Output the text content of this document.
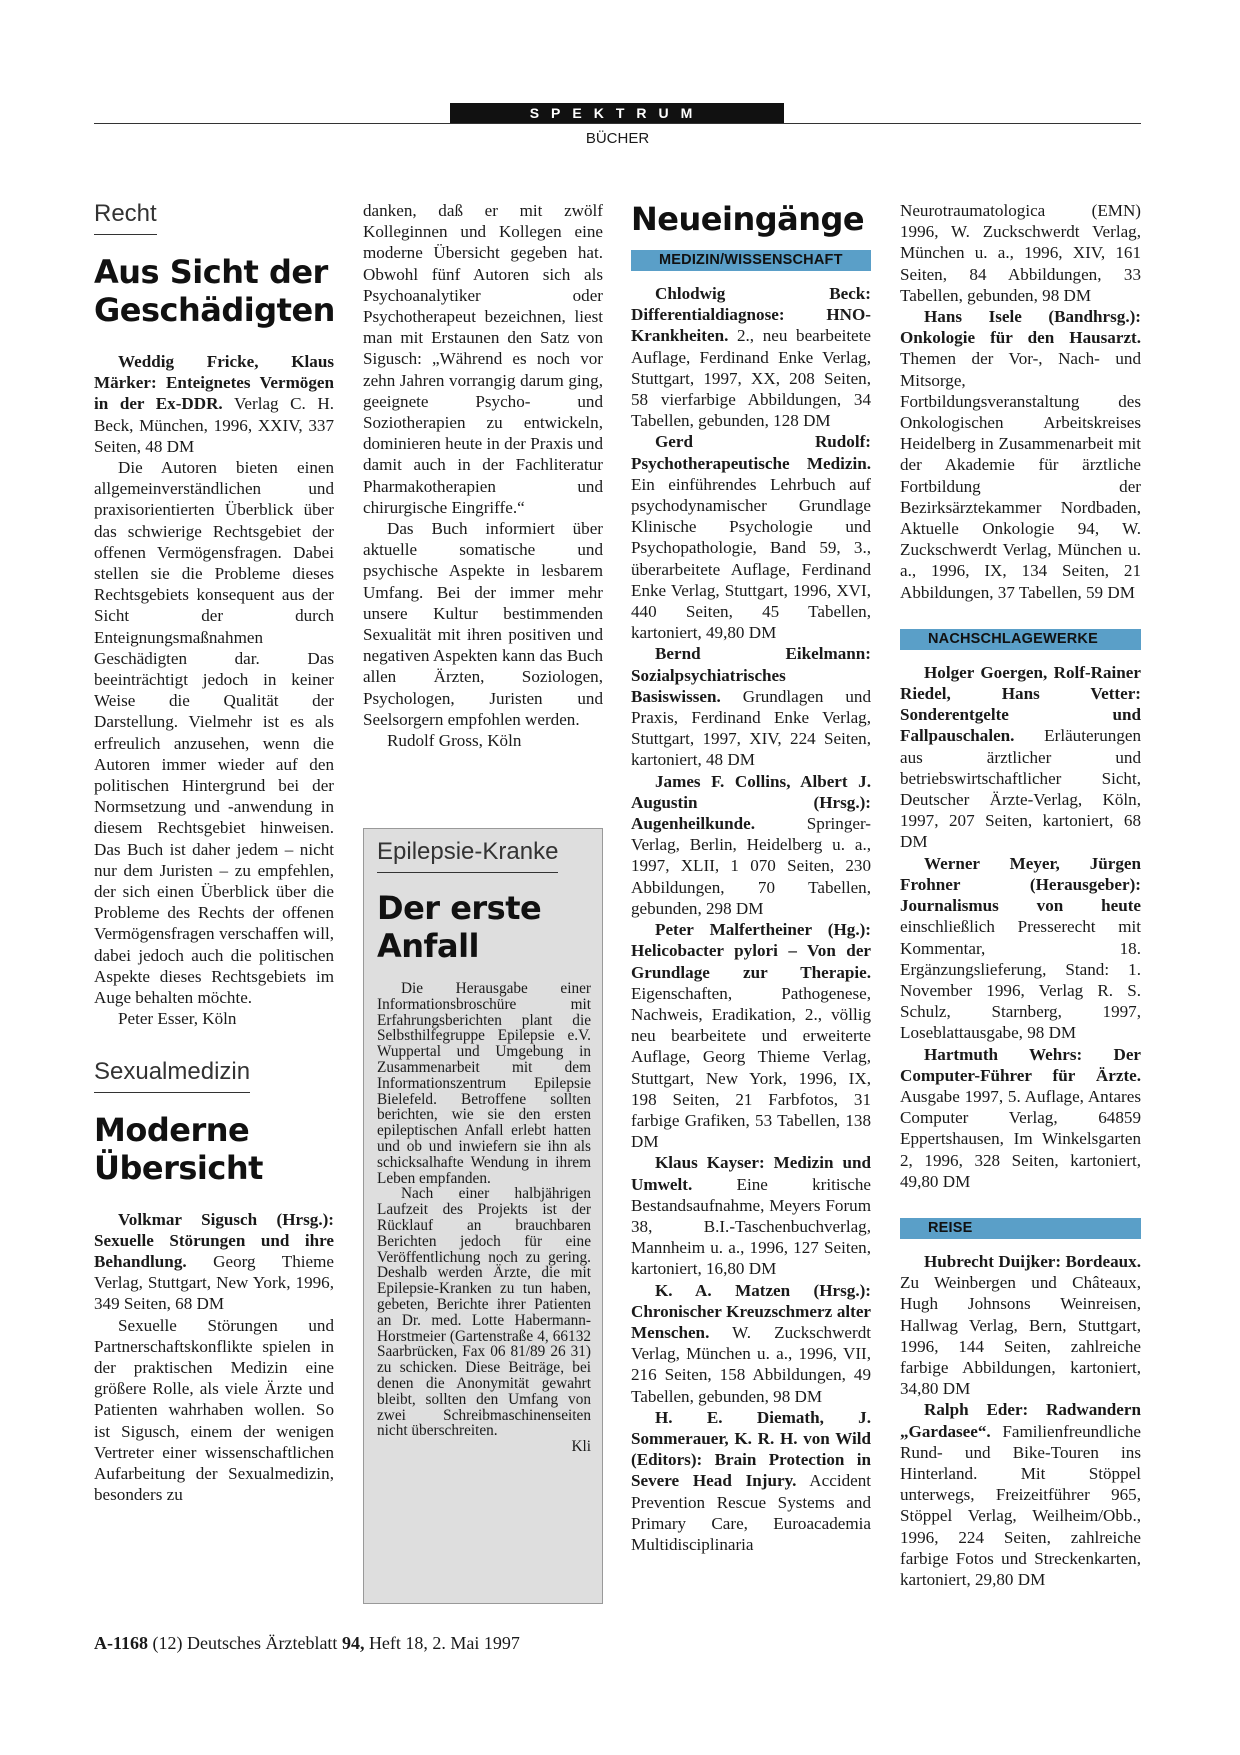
SPEKTRUM
BÜCHER
Recht
Aus Sicht der Geschädigten

Weddig Fricke, Klaus Märker: Enteignetes Vermögen in der Ex-DDR. Verlag C. H. Beck, München, 1996, XXIV, 337 Seiten, 48 DM

Die Autoren bieten einen allgemeinverständlichen und praxisorientierten Überblick über das schwierige Rechtsgebiet der offenen Vermögensfragen. Dabei stellen sie die Probleme dieses Rechtsgebiets konsequent aus der Sicht der durch Enteignungsmaßnahmen Geschädigten dar. Das beeinträchtigt jedoch in keiner Weise die Qualität der Darstellung. Vielmehr ist es als erfreulich anzusehen, wenn die Autoren immer wieder auf den politischen Hintergrund bei der Normsetzung und -anwendung in diesem Rechtsgebiet hinweisen. Das Buch ist daher jedem – nicht nur dem Juristen – zu empfehlen, der sich einen Überblick über die Probleme des Rechts der offenen Vermögensfragen verschaffen will, dabei jedoch auch die politischen Aspekte dieses Rechtsgebiets im Auge behalten möchte.

Peter Esser, Köln

Sexualmedizin
Moderne Übersicht

Volkmar Sigusch (Hrsg.): Sexuelle Störungen und ihre Behandlung. Georg Thieme Verlag, Stuttgart, New York, 1996, 349 Seiten, 68 DM

Sexuelle Störungen und Partnerschaftskonflikte spielen in der praktischen Medizin eine größere Rolle, als viele Ärzte und Patienten wahrhaben wollen. So ist Sigusch, einem der wenigen Vertreter einer wissenschaftlichen Aufarbeitung der Sexualmedizin, besonders zu

danken, daß er mit zwölf Kolleginnen und Kollegen eine moderne Übersicht gegeben hat. Obwohl fünf Autoren sich als Psychoanalytiker oder Psychotherapeut bezeichnen, liest man mit Erstaunen den Satz von Sigusch: „Während es noch vor zehn Jahren vorrangig darum ging, geeignete Psycho- und Soziotherapien zu entwickeln, dominieren heute in der Praxis und damit auch in der Fachliteratur Pharmakotherapien und chirurgische Eingriffe.“

Das Buch informiert über aktuelle somatische und psychische Aspekte in lesbarem Umfang. Bei der immer mehr unsere Kultur bestimmenden Sexualität mit ihren positiven und negativen Aspekten kann das Buch allen Ärzten, Soziologen, Psychologen, Juristen und Seelsorgern empfohlen werden.

Rudolf Gross, Köln

Epilepsie-Kranke
Der erste Anfall

Die Herausgabe einer Informationsbroschüre mit Erfahrungsberichten plant die Selbsthilfegruppe Epilepsie e.V. Wuppertal und Umgebung in Zusammenarbeit mit dem Informationszentrum Epilepsie Bielefeld. Betroffene sollten berichten, wie sie den ersten epileptischen Anfall erlebt hatten und ob und inwiefern sie ihn als schicksalhafte Wendung in ihrem Leben empfanden.

Nach einer halbjährigen Laufzeit des Projekts ist der Rücklauf an brauchbaren Berichten jedoch für eine Veröffentlichung noch zu gering. Deshalb werden Ärzte, die mit Epilepsie-Kranken zu tun haben, gebeten, Berichte ihrer Patienten an Dr. med. Lotte Habermann-Horstmeier (Gartenstraße 4, 66132 Saarbrücken, Fax 06 81/89 26 31) zu schicken. Diese Beiträge, bei denen die Anonymität gewahrt bleibt, sollten den Umfang von zwei Schreibmaschinenseiten nicht überschreiten.

Kli

Neueingänge
MEDIZIN/WISSENSCHAFT

Chlodwig Beck: Differentialdiagnose: HNO-Krankheiten. 2., neu bearbeitete Auflage, Ferdinand Enke Verlag, Stuttgart, 1997, XX, 208 Seiten, 58 vierfarbige Abbildungen, 34 Tabellen, gebunden, 128 DM

Gerd Rudolf: Psychotherapeutische Medizin. Ein einführendes Lehrbuch auf psychodynamischer Grundlage Klinische Psychologie und Psychopathologie, Band 59, 3., überarbeitete Auflage, Ferdinand Enke Verlag, Stuttgart, 1996, XVI, 440 Seiten, 45 Tabellen, kartoniert, 49,80 DM

Bernd Eikelmann: Sozialpsychiatrisches Basiswissen. Grundlagen und Praxis, Ferdinand Enke Verlag, Stuttgart, 1997, XIV, 224 Seiten, kartoniert, 48 DM

James F. Collins, Albert J. Augustin (Hrsg.): Augenheilkunde. Springer-Verlag, Berlin, Heidelberg u. a., 1997, XLII, 1 070 Seiten, 230 Abbildungen, 70 Tabellen, gebunden, 298 DM

Peter Malfertheiner (Hg.): Helicobacter pylori – Von der Grundlage zur Therapie. Eigenschaften, Pathogenese, Nachweis, Eradikation, 2., völlig neu bearbeitete und erweiterte Auflage, Georg Thieme Verlag, Stuttgart, New York, 1996, IX, 198 Seiten, 21 Farbfotos, 31 farbige Grafiken, 53 Tabellen, 138 DM

Klaus Kayser: Medizin und Umwelt. Eine kritische Bestandsaufnahme, Meyers Forum 38, B.I.-Taschenbuchverlag, Mannheim u. a., 1996, 127 Seiten, kartoniert, 16,80 DM

K. A. Matzen (Hrsg.): Chronischer Kreuzschmerz alter Menschen. W. Zuckschwerdt Verlag, München u. a., 1996, VII, 216 Seiten, 158 Abbildungen, 49 Tabellen, gebunden, 98 DM

H. E. Diemath, J. Sommerauer, K. R. H. von Wild (Editors): Brain Protection in Severe Head Injury. Accident Prevention Rescue Systems and Primary Care, Euroacademia Multidisciplinaria

Neurotraumatologica (EMN) 1996, W. Zuckschwerdt Verlag, München u. a., 1996, XIV, 161 Seiten, 84 Abbildungen, 33 Tabellen, gebunden, 98 DM

Hans Isele (Bandhrsg.): Onkologie für den Hausarzt. Themen der Vor-, Nach- und Mitsorge, Fortbildungsveranstaltung des Onkologischen Arbeitskreises Heidelberg in Zusammenarbeit mit der Akademie für ärztliche Fortbildung der Bezirksärztekammer Nordbaden, Aktuelle Onkologie 94, W. Zuckschwerdt Verlag, München u. a., 1996, IX, 134 Seiten, 21 Abbildungen, 37 Tabellen, 59 DM

NACHSCHLAGEWERKE

Holger Goergen, Rolf-Rainer Riedel, Hans Vetter: Sonderentgelte und Fallpauschalen. Erläuterungen aus ärztlicher und betriebswirtschaftlicher Sicht, Deutscher Ärzte-Verlag, Köln, 1997, 207 Seiten, kartoniert, 68 DM

Werner Meyer, Jürgen Frohner (Herausgeber): Journalismus von heute einschließlich Presserecht mit Kommentar, 18. Ergänzungslieferung, Stand: 1. November 1996, Verlag R. S. Schulz, Starnberg, 1997, Loseblattausgabe, 98 DM

Hartmuth Wehrs: Der Computer-Führer für Ärzte. Ausgabe 1997, 5. Auflage, Antares Computer Verlag, 64859 Eppertshausen, Im Winkelsgarten 2, 1996, 328 Seiten, kartoniert, 49,80 DM

REISE

Hubrecht Duijker: Bordeaux. Zu Weinbergen und Châteaux, Hugh Johnsons Weinreisen, Hallwag Verlag, Bern, Stuttgart, 1996, 144 Seiten, zahlreiche farbige Abbildungen, kartoniert, 34,80 DM

Ralph Eder: Radwandern „Gardasee“. Familienfreundliche Rund- und Bike-Touren ins Hinterland. Mit Stöppel unterwegs, Freizeitführer 965, Stöppel Verlag, Weilheim/Obb., 1996, 224 Seiten, zahlreiche farbige Fotos und Streckenkarten, kartoniert, 29,80 DM

A-1168 (12) Deutsches Ärzteblatt 94, Heft 18, 2. Mai 1997
